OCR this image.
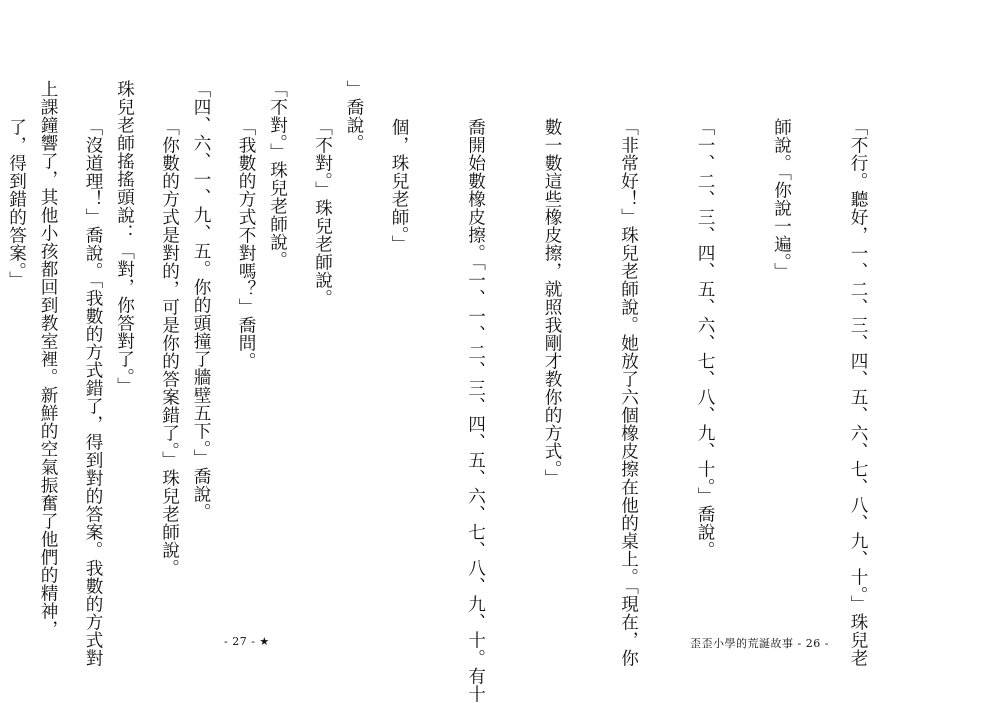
」喬說。

「不對。」珠兒老師說。

「四、六、一、九、五。你的頭撞了牆壁五下。」喬說。

珠兒老師搖搖頭說：「對，你答對了。」

上課鐘響了，其他小孩都回到教室裡。新鮮的空氣振奮了他們的精神，

- 27 - ★

	「不行。聽好，一、二、三、四、五、六、七、八、九、十。」珠兒老

師說。「你說一遍。」

「一、二、三、四、五、六、七、八、九、十。」喬說。

「非常好！」珠兒老師說。她放了六個橡皮擦在他的桌上。「現在，你

數一數這些橡皮擦，就照我剛才教你的方式。」

喬開始數橡皮擦。「一、一、二、三、四、五、六、七、八、九、十。有十

個，珠兒老師。」

「不對。」珠兒老師說。

「我數的方式不對嗎？」喬問。

「你數的方式是對的，可是你的答案錯了。」珠兒老師說。

「沒道理！」喬說。「我數的方式錯了，得到對的答案。我數的方式對

了，得到錯的答案。」

歪歪小學的荒誕故事 - 26 -
